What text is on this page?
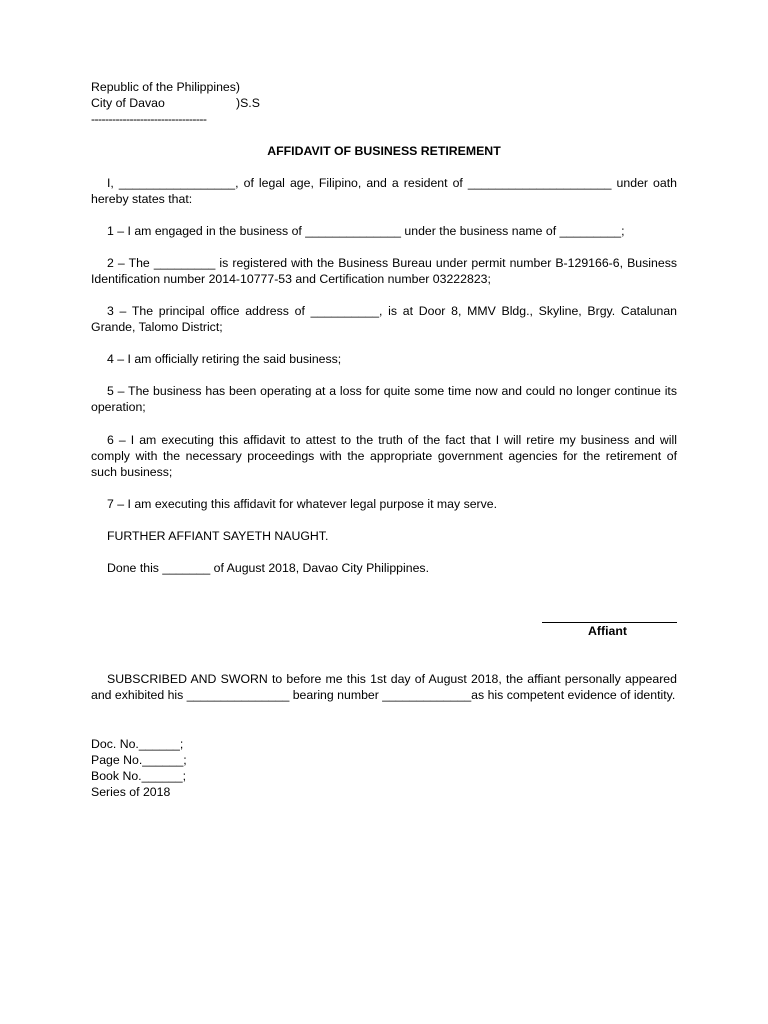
Republic of the Philippines)

City of Davao	)S.S

---------------------------------

AFFIDAVIT OF BUSINESS RETIREMENT

I, _________________, of legal age, Filipino, and a resident of _____________________ under oath hereby states that:

1 – I am engaged in the business of ______________ under the business name of _________;

2 – The _________ is registered with the Business Bureau under permit number B-129166-6, Business Identification number 2014-10777-53 and Certification number 03222823;

3 – The principal office address of __________, is at Door 8, MMV Bldg., Skyline, Brgy. Catalunan Grande, Talomo District;

4 – I am officially retiring the said business;

5 – The business has been operating at a loss for quite some time now and could no longer continue its operation;

6 – I am executing this affidavit to attest to the truth of the fact that I will retire my business and will comply with the necessary proceedings with the appropriate government agencies for the retirement of such business;

7 – I am executing this affidavit for whatever legal purpose it may serve.

FURTHER AFFIANT SAYETH NAUGHT.

Done this _______ of August 2018, Davao City Philippines.

Affiant

SUBSCRIBED AND SWORN to before me this 1st day of August 2018, the affiant personally appeared and exhibited his _______________ bearing number _____________as his competent evidence of identity.

Doc. No.______;

Page No.______;

Book No.______;

Series of 2018
